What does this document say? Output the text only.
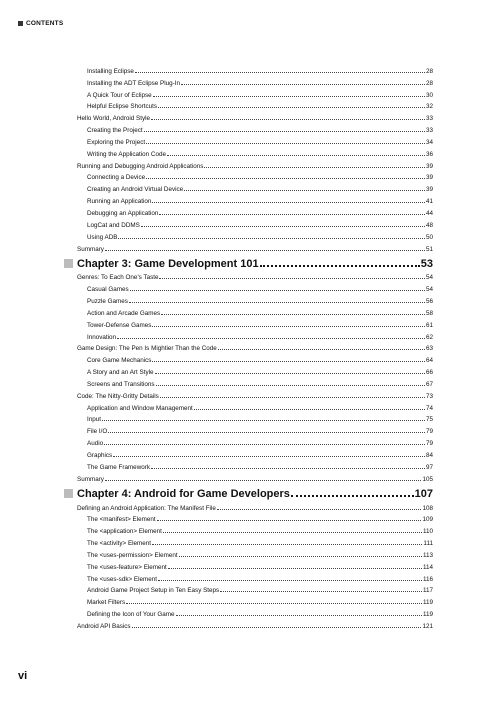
CONTENTS
Installing Eclipse	28
Installing the ADT Eclipse Plug-In	28
A Quick Tour of Eclipse	30
Helpful Eclipse Shortcuts	32
Hello World, Android Style	33
Creating the Project	33
Exploring the Project	34
Writing the Application Code	36
Running and Debugging Android Applications	39
Connecting a Device	39
Creating an Android Virtual Device	39
Running an Application	41
Debugging an Application	44
LogCat and DDMS	48
Using ADB	50
Summary	51
Chapter 3: Game Development 101	53
Genres: To Each One's Taste	54
Casual Games	54
Puzzle Games	56
Action and Arcade Games	58
Tower-Defense Games	61
Innovation	62
Game Design: The Pen Is Mightier Than the Code	63
Core Game Mechanics	64
A Story and an Art Style	66
Screens and Transitions	67
Code: The Nitty-Gritty Details	73
Application and Window Management	74
Input	75
File I/O	79
Audio	79
Graphics	84
The Game Framework	97
Summary	105
Chapter 4: Android for Game Developers	107
Defining an Android Application: The Manifest File	108
The <manifest> Element	109
The <application> Element	110
The <activity> Element	111
The <uses-permission> Element	113
The <uses-feature> Element	114
The <uses-sdk> Element	116
Android Game Project Setup in Ten Easy Steps	117
Market Filters	119
Defining the Icon of Your Game	119
Android API Basics	121
vi
